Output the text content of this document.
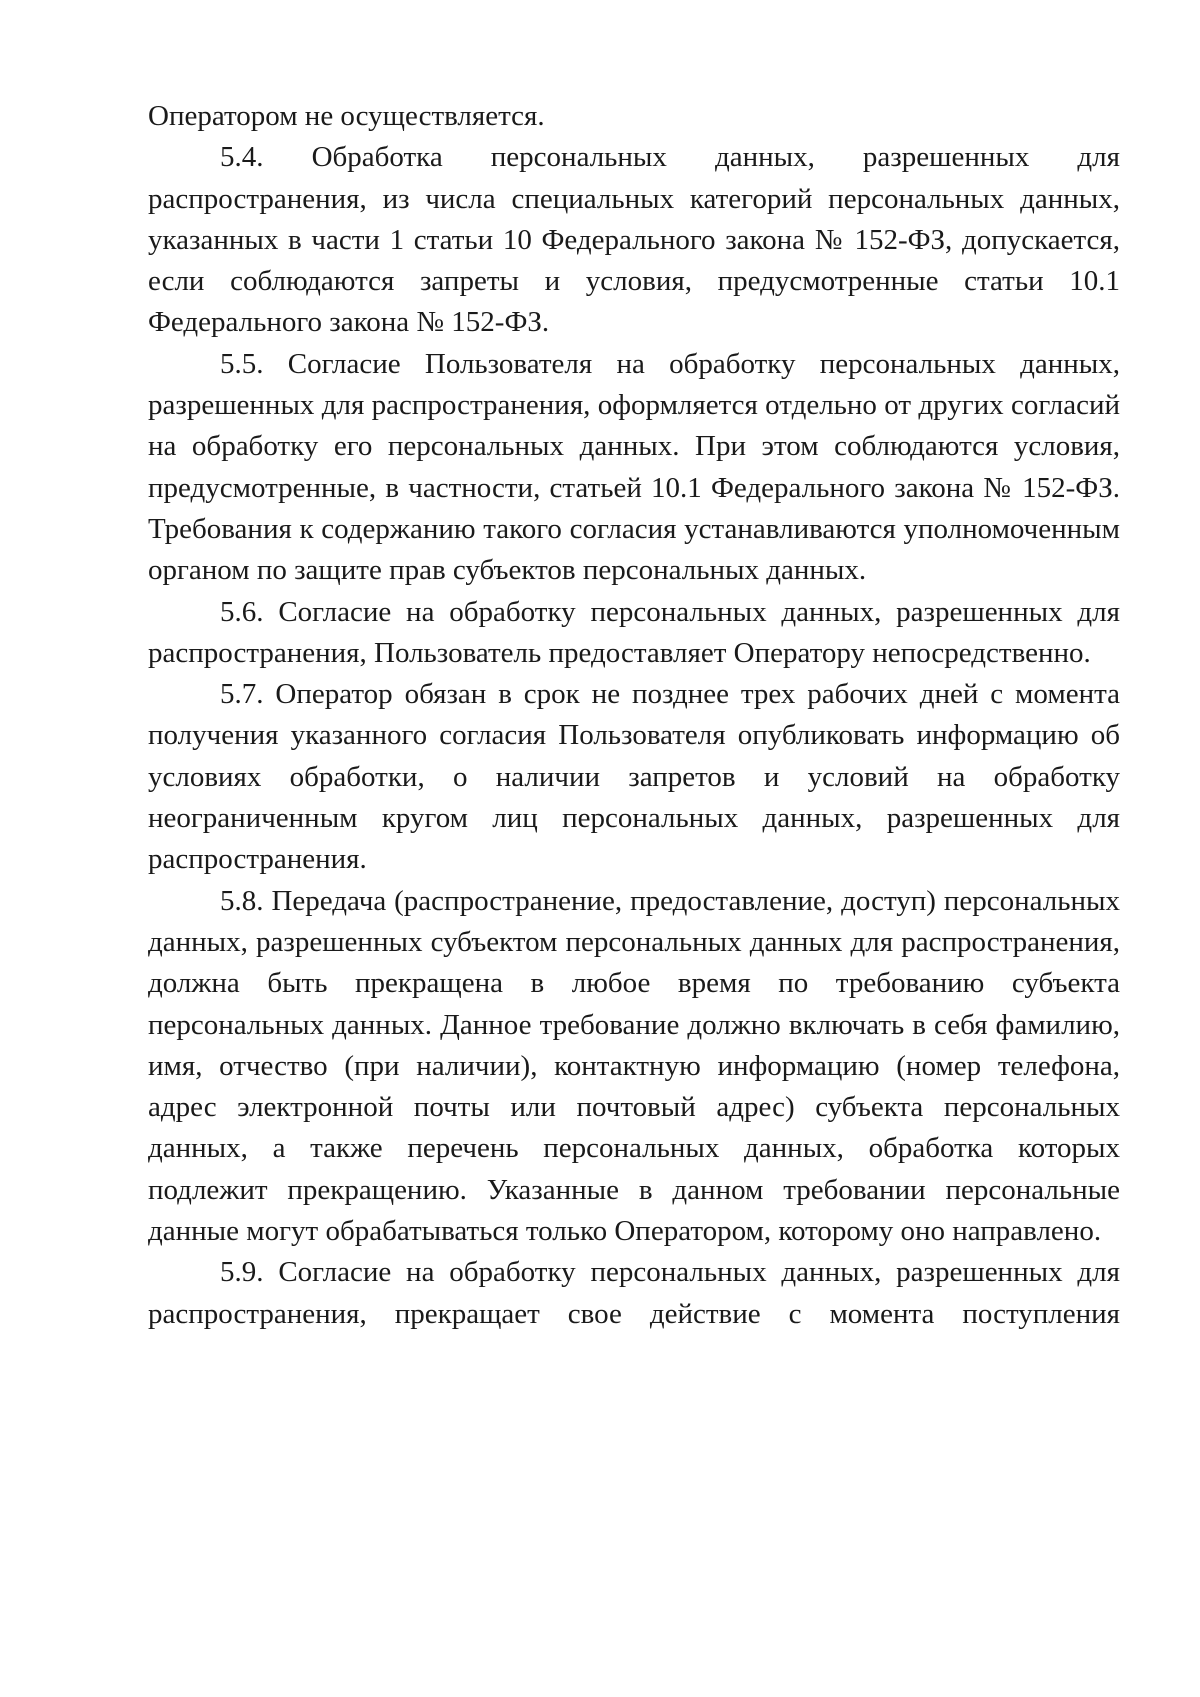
Оператором не осуществляется.

5.4. Обработка персональных данных, разрешенных для распространения, из числа специальных категорий персональных данных, указанных в части 1 статьи 10 Федерального закона № 152-ФЗ, допускается, если соблюдаются запреты и условия, предусмотренные статьи 10.1 Федерального закона № 152-ФЗ.

5.5. Согласие Пользователя на обработку персональных данных, разрешенных для распространения, оформляется отдельно от других согласий на обработку его персональных данных. При этом соблюдаются условия, предусмотренные, в частности, статьей 10.1 Федерального закона № 152-ФЗ. Требования к содержанию такого согласия устанавливаются уполномоченным органом по защите прав субъектов персональных данных.

5.6. Согласие на обработку персональных данных, разрешенных для распространения, Пользователь предоставляет Оператору непосредственно.

5.7. Оператор обязан в срок не позднее трех рабочих дней с момента получения указанного согласия Пользователя опубликовать информацию об условиях обработки, о наличии запретов и условий на обработку неограниченным кругом лиц персональных данных, разрешенных для распространения.

5.8. Передача (распространение, предоставление, доступ) персональных данных, разрешенных субъектом персональных данных для распространения, должна быть прекращена в любое время по требованию субъекта персональных данных. Данное требование должно включать в себя фамилию, имя, отчество (при наличии), контактную информацию (номер телефона, адрес электронной почты или почтовый адрес) субъекта персональных данных, а также перечень персональных данных, обработка которых подлежит прекращению. Указанные в данном требовании персональные данные могут обрабатываться только Оператором, которому оно направлено.

5.9. Согласие на обработку персональных данных, разрешенных для распространения, прекращает свое действие с момента поступления
